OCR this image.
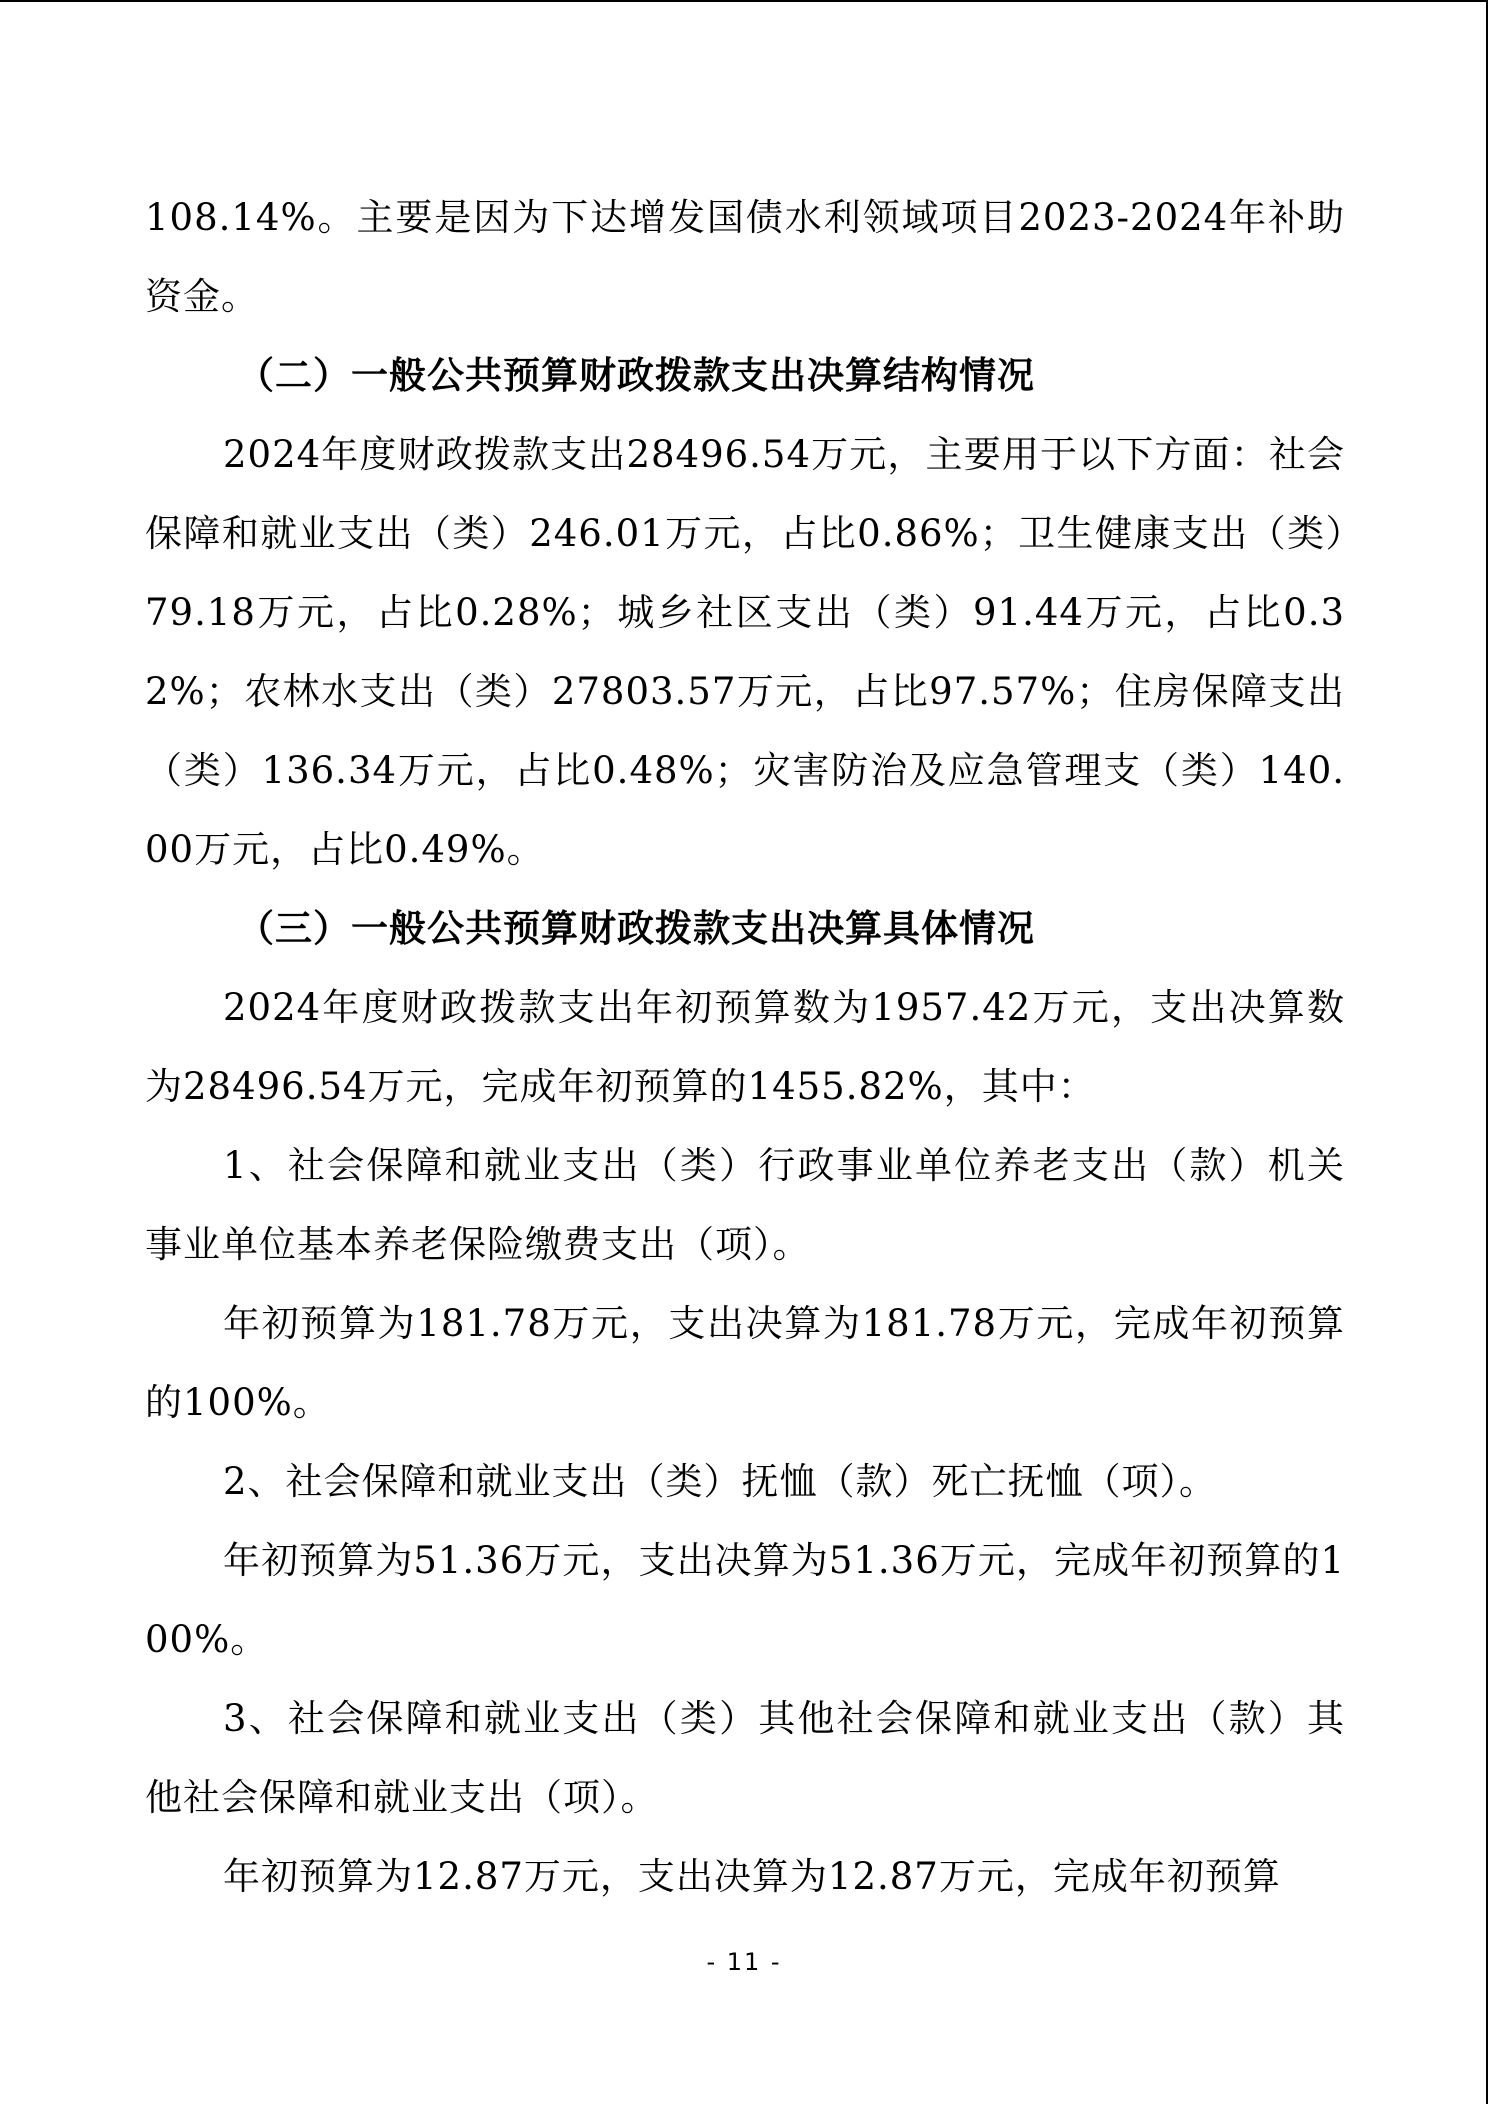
108.14%。主要是因为下达增发国债水利领域项目2023-2024年补助资金。

（二）一般公共预算财政拨款支出决算结构情况

2024年度财政拨款支出28496.54万元，主要用于以下方面：社会保障和就业支出（类）246.01万元，占比0.86%；卫生健康支出（类）79.18万元，占比0.28%；城乡社区支出（类）91.44万元，占比0.32%；农林水支出（类）27803.57万元，占比97.57%；住房保障支出（类）136.34万元，占比0.48%；灾害防治及应急管理支（类）140.00万元，占比0.49%。

（三）一般公共预算财政拨款支出决算具体情况

2024年度财政拨款支出年初预算数为1957.42万元，支出决算数为28496.54万元，完成年初预算的1455.82%，其中：

1、社会保障和就业支出（类）行政事业单位养老支出（款）机关事业单位基本养老保险缴费支出（项）。

年初预算为181.78万元，支出决算为181.78万元，完成年初预算的100%。

2、社会保障和就业支出（类）抚恤（款）死亡抚恤（项）。

年初预算为51.36万元，支出决算为51.36万元，完成年初预算的100%。

3、社会保障和就业支出（类）其他社会保障和就业支出（款）其他社会保障和就业支出（项）。

年初预算为12.87万元，支出决算为12.87万元，完成年初预算

- 11 -
